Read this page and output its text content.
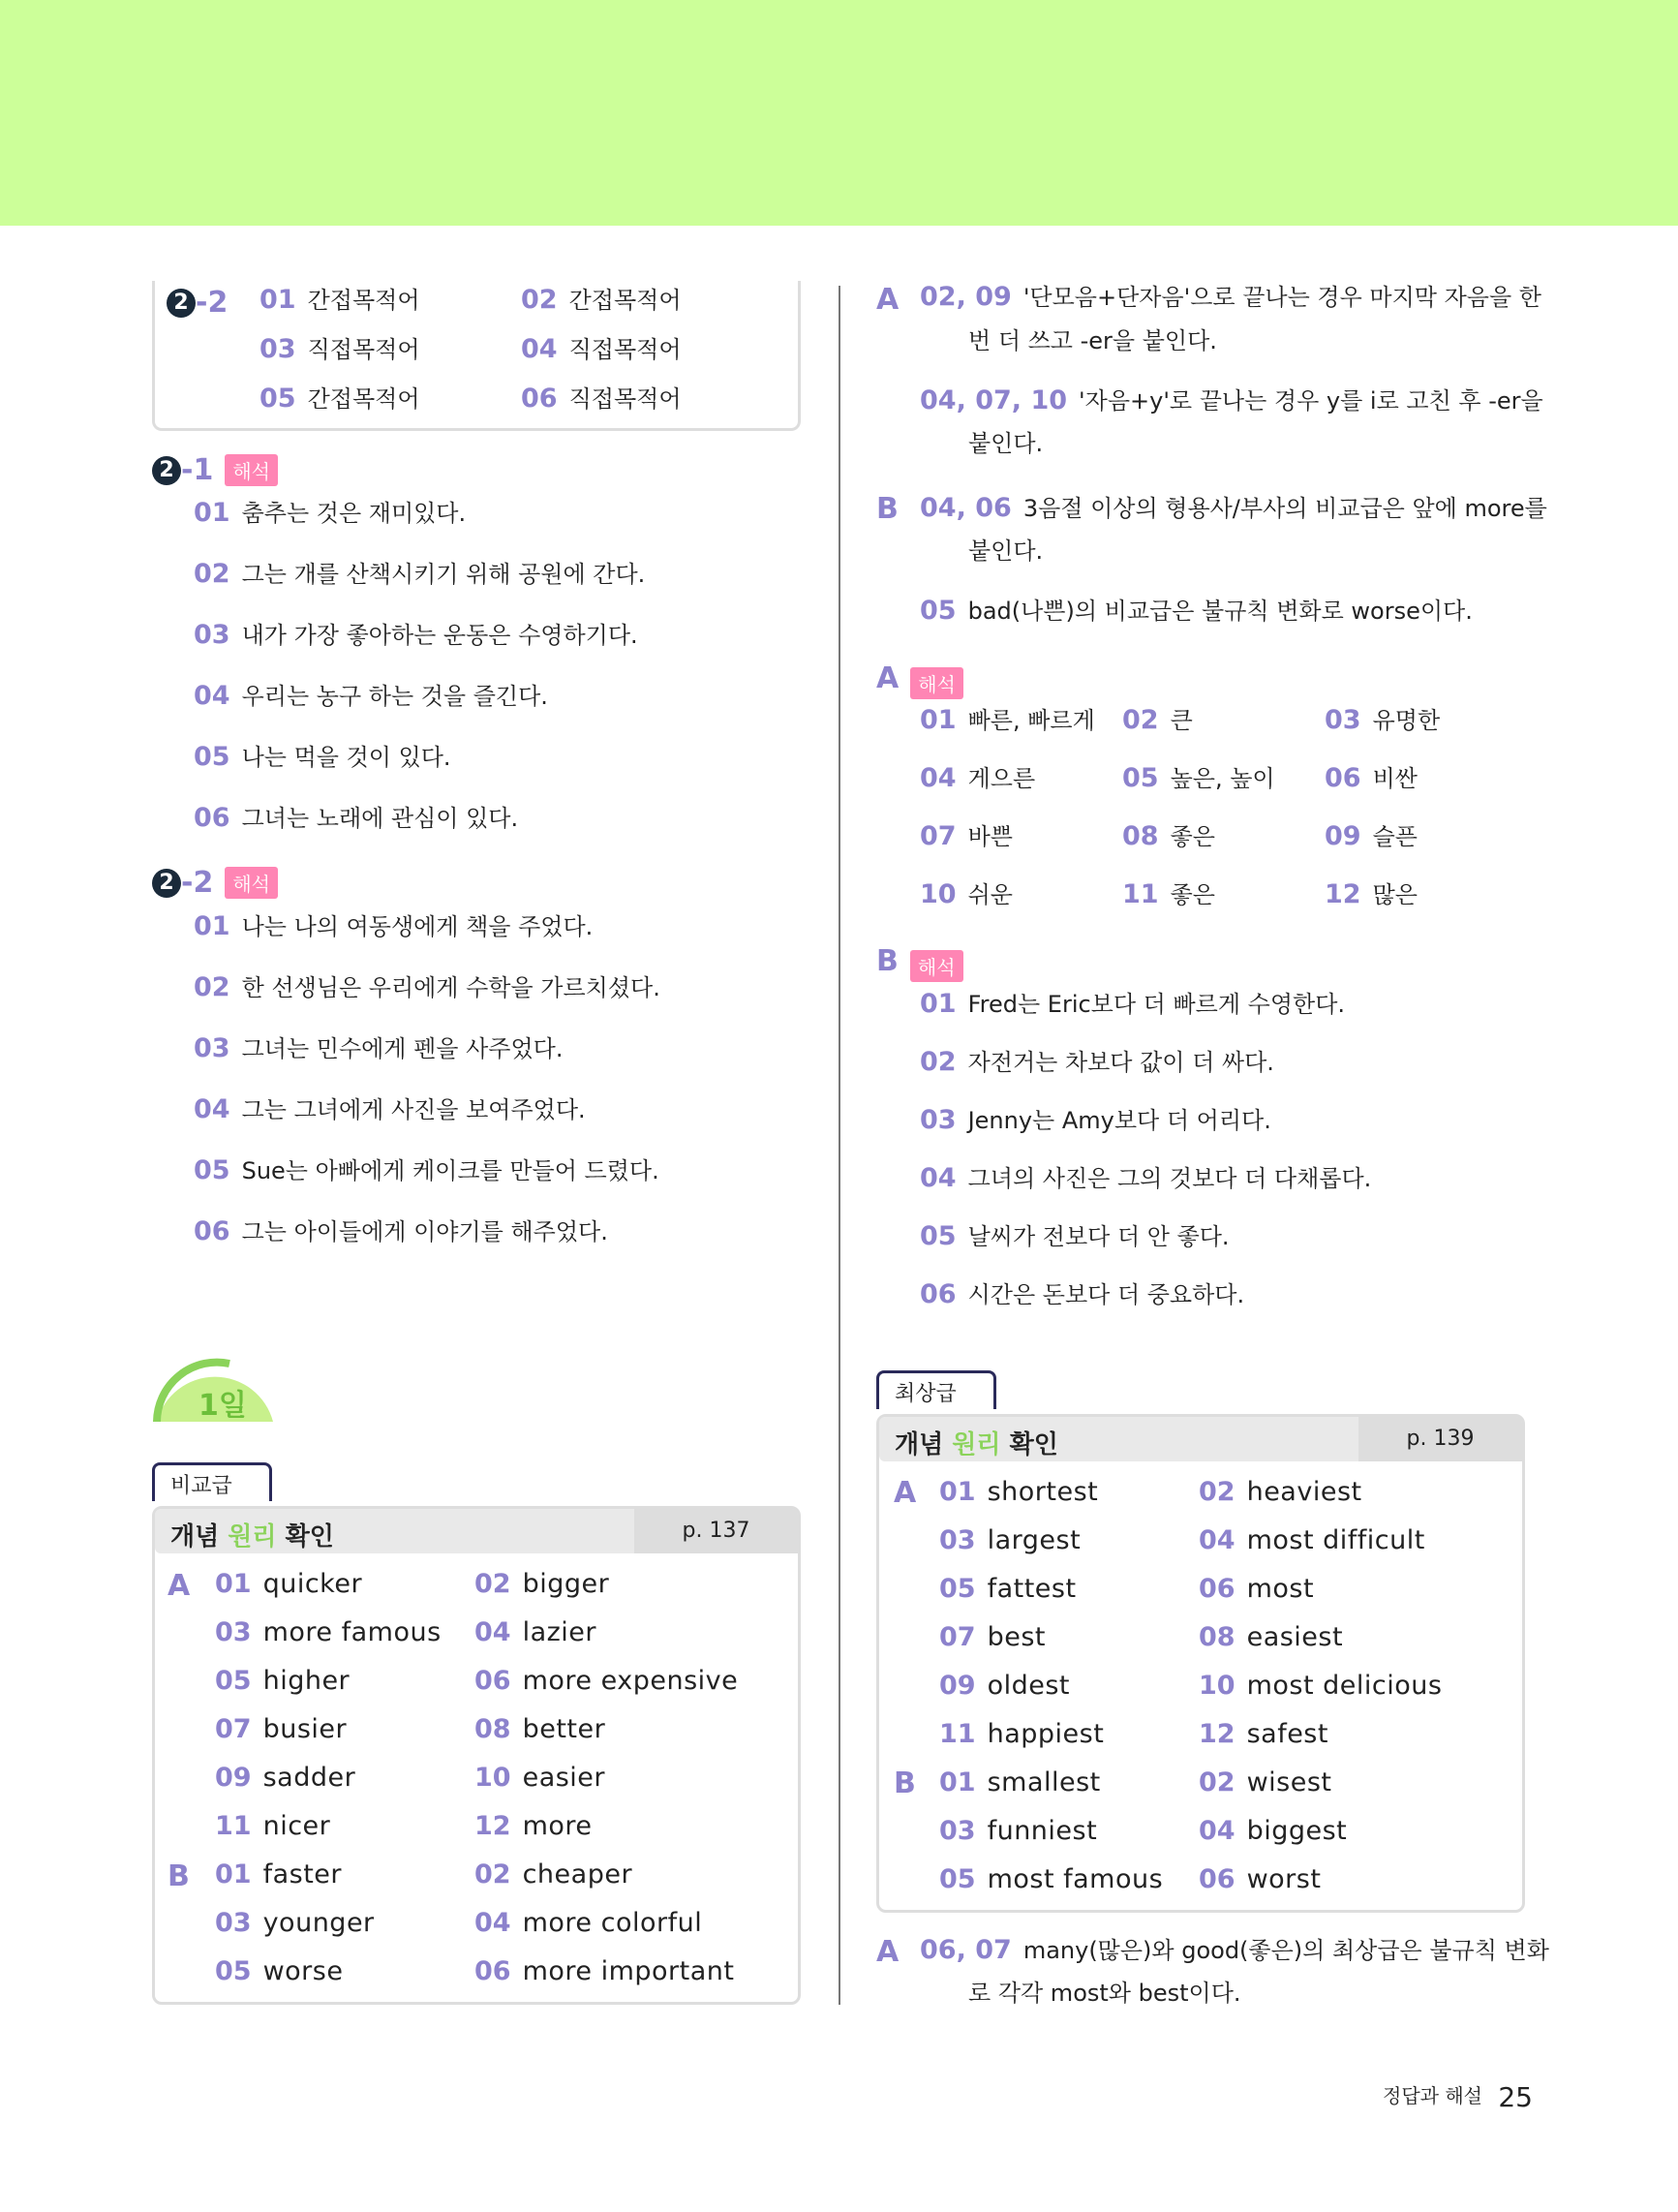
2 -2 01 간접목적어	02 간접목적어
03 직접목적어	04 직접목적어
05 간접목적어	06 직접목적어
2 -1 해석
01 춤추는 것은 재미있다.
02 그는 개를 산책시키기 위해 공원에 간다.
03 내가 가장 좋아하는 운동은 수영하기다.
04 우리는 농구 하는 것을 즐긴다.
05 나는 먹을 것이 있다.
06 그녀는 노래에 관심이 있다.
2 -2 해석
01 나는 나의 여동생에게 책을 주었다.
02 한 선생님은 우리에게 수학을 가르치셨다.
03 그녀는 민수에게 펜을 사주었다.
04 그는 그녀에게 사진을 보여주었다.
05 Sue는 아빠에게 케이크를 만들어 드렸다.
06 그는 아이들에게 이야기를 해주었다.
1일
비교급
개념 원리 확인	p. 137
A
B
01 quicker	02 bigger
03 more famous 04 lazier
05 higher	06 more expensive
07 busier	08 better
09 sadder	10 easier
11 nicer	12 more
01 faster	02 cheaper
03 younger	04 more colorful
05 worse	06 more important
A 02, 09 '단모음+단자음'으로 끝나는 경우 마지막 자음을 한
번 더 쓰고 -er을 붙인다.
04, 07, 10 '자음+y'로 끝나는 경우 y를 i로 고친 후 -er을
붙인다.
B 04, 06 3음절 이상의 형용사/부사의 비교급은 앞에 more를
붙인다.
05 bad(나쁜)의 비교급은 불규칙 변화로 worse이다.
A 해석
01 빠른, 빠르게 02 큰	03 유명한
04 게으른	05 높은, 높이 06 비싼
07 바쁜	08 좋은	09 슬픈
10 쉬운	11 좋은	12 많은
B 해석
01 Fred는 Eric보다 더 빠르게 수영한다.
02 자전거는 차보다 값이 더 싸다.
03 Jenny는 Amy보다 더 어리다.
04 그녀의 사진은 그의 것보다 더 다채롭다.
05 날씨가 전보다 더 안 좋다.
06 시간은 돈보다 더 중요하다.
최상급
개념 원리 확인	p. 139
A
B
01 shortest	02 heaviest
03 largest	04 most difficult
05 fattest	06 most
07 best	08 easiest
09 oldest	10 most delicious
11 happiest	12 safest
01 smallest	02 wisest
03 funniest	04 biggest
05 most famous 06 worst
A 06, 07 many(많은)와 good(좋은)의 최상급은 불규칙 변화
로 각각 most와 best이다.
정답과 해설 25
